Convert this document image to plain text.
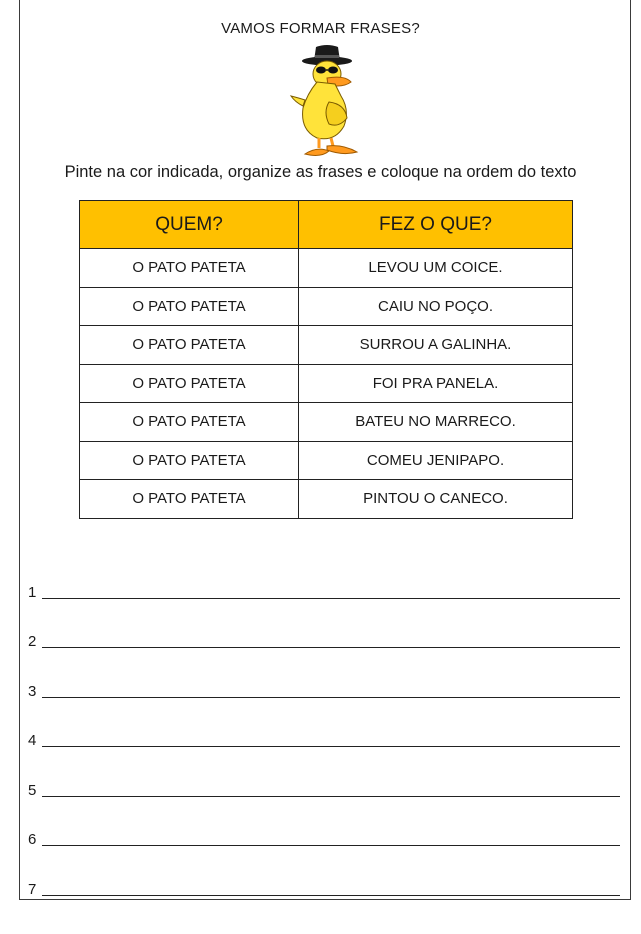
VAMOS FORMAR FRASES?
Pinte na cor indicada, organize as frases e coloque na ordem do texto
QUEM?	FEZ O QUE?
O PATO PATETA	LEVOU UM COICE.
O PATO PATETA	CAIU NO POÇO.
O PATO PATETA	SURROU A GALINHA.
O PATO PATETA	FOI PRA PANELA.
O PATO PATETA	BATEU NO MARRECO.
O PATO PATETA	COMEU JENIPAPO.
O PATO PATETA	PINTOU O CANECO.
1
2
3
4
5
6
7
